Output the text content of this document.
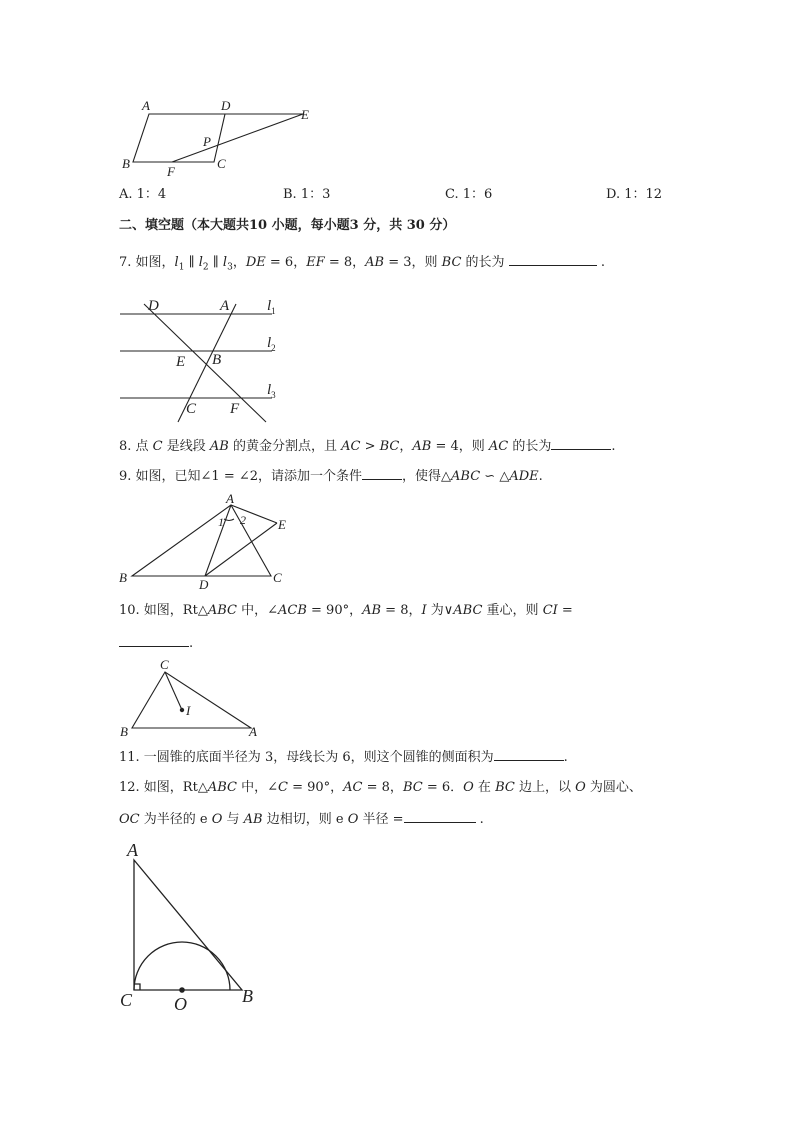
A	D
E
P
B
F
C
A. 1：4	B. 1：3	C. 1：6	D. 1：12
二、填空题（本大题共10 小题，每小题3 分，共 30 分）
7. 如图，$l_1$ ∥ $l_2$ ∥ $l_3$，DE = 6，EF = 8，AB = 3，则 BC 的长为	.
D	A
E B
C F
$l_1$
$l_2$
$l_3$
8. 点 C 是线段 AB 的黄金分割点，且 AC > BC，AB = 4，则 AC 的长为	.
9. 如图，已知∠1 = ∠2，请添加一个条件	，使得△ABC ∽ △ADE.
A
1 2 E
B	D	C
10. 如图，Rt△ABC 中，∠ACB = 90°，AB = 8，I 为∨ABC 重心，则 CI =
.
C
I
B	A
11. 一圆锥的底面半径为 3，母线长为 6，则这个圆锥的侧面积为	.
12. 如图，Rt△ABC 中，∠C = 90°，AC = 8，BC = 6．O 在 BC 边上，以 O 为圆心、
OC 为半径的 e O 与 AB 边相切，则 e O 半径 =	.
A
C O	B
